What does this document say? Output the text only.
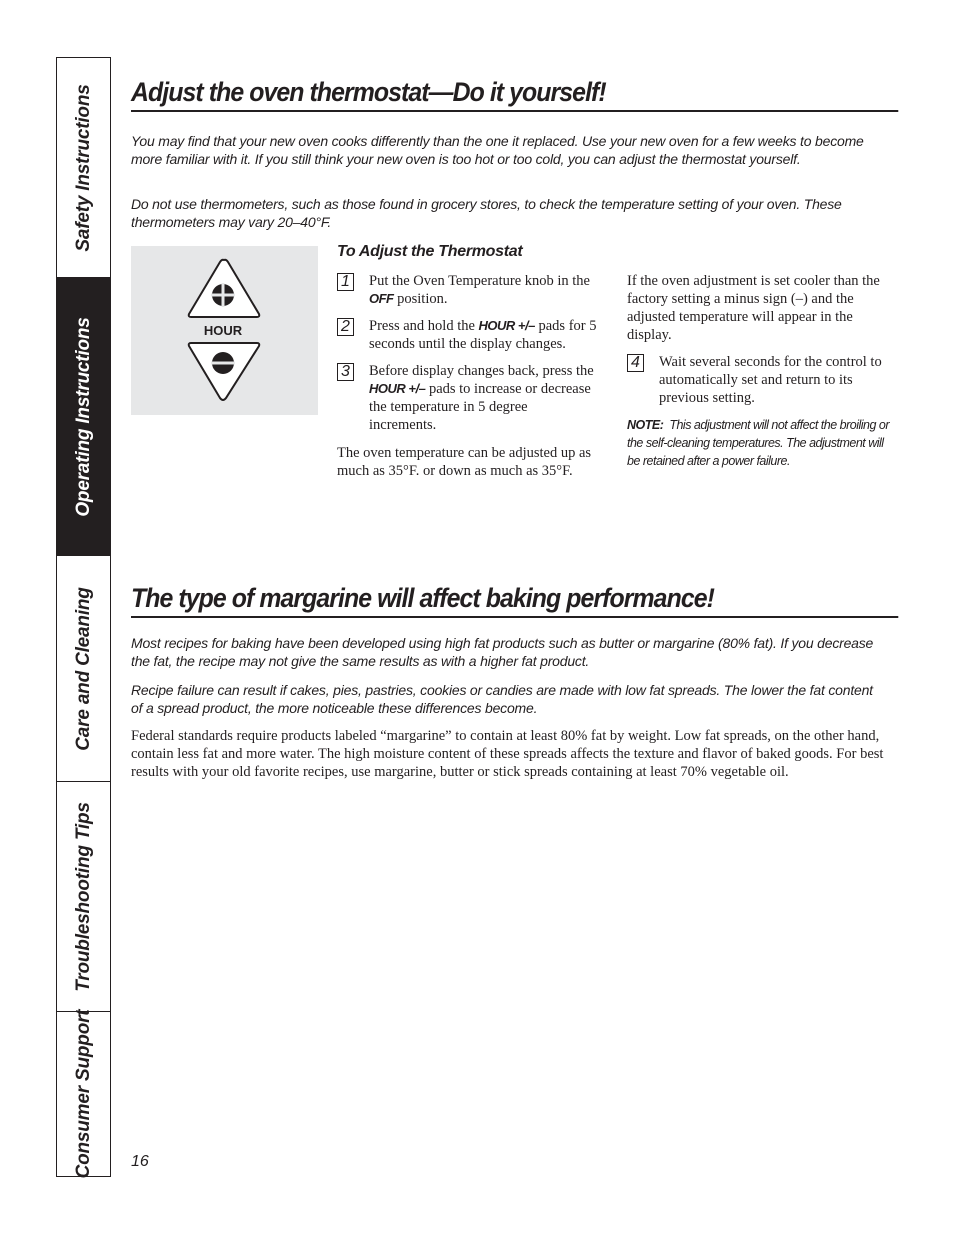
Safety Instructions
Operating Instructions
Care and Cleaning
Troubleshooting Tips
Consumer Support
Adjust the oven thermostat—Do it yourself!

You may find that your new oven cooks differently than the one it replaced. Use your new oven for a few weeks to become more familiar with it. If you still think your new oven is too hot or too cold, you can adjust the thermostat yourself.

Do not use thermometers, such as those found in grocery stores, to check the temperature setting of your oven. These thermometers may vary 20–40°F.

HOUR
To Adjust the Thermostat
1 Put the Oven Temperature knob in the OFF position.
2 Press and hold the HOUR +/– pads for 5 seconds until the display changes.
3 Before display changes back, press the HOUR +/– pads to increase or decrease the temperature in 5 degree increments.

The oven temperature can be adjusted up as much as 35°F. or down as much as 35°F.

If the oven adjustment is set cooler than the factory setting a minus sign (–) and the adjusted temperature will appear in the display.

4 Wait several seconds for the control to automatically set and return to its previous setting.

NOTE: This adjustment will not affect the broiling or the self-cleaning temperatures. The adjustment will be retained after a power failure.

The type of margarine will affect baking performance!

Most recipes for baking have been developed using high fat products such as butter or margarine (80% fat). If you decrease the fat, the recipe may not give the same results as with a higher fat product.

Recipe failure can result if cakes, pies, pastries, cookies or candies are made with low fat spreads. The lower the fat content of a spread product, the more noticeable these differences become.

Federal standards require products labeled “margarine” to contain at least 80% fat by weight. Low fat spreads, on the other hand, contain less fat and more water. The high moisture content of these spreads affects the texture and flavor of baked goods. For best results with your old favorite recipes, use margarine, butter or stick spreads containing at least 70% vegetable oil.

16
